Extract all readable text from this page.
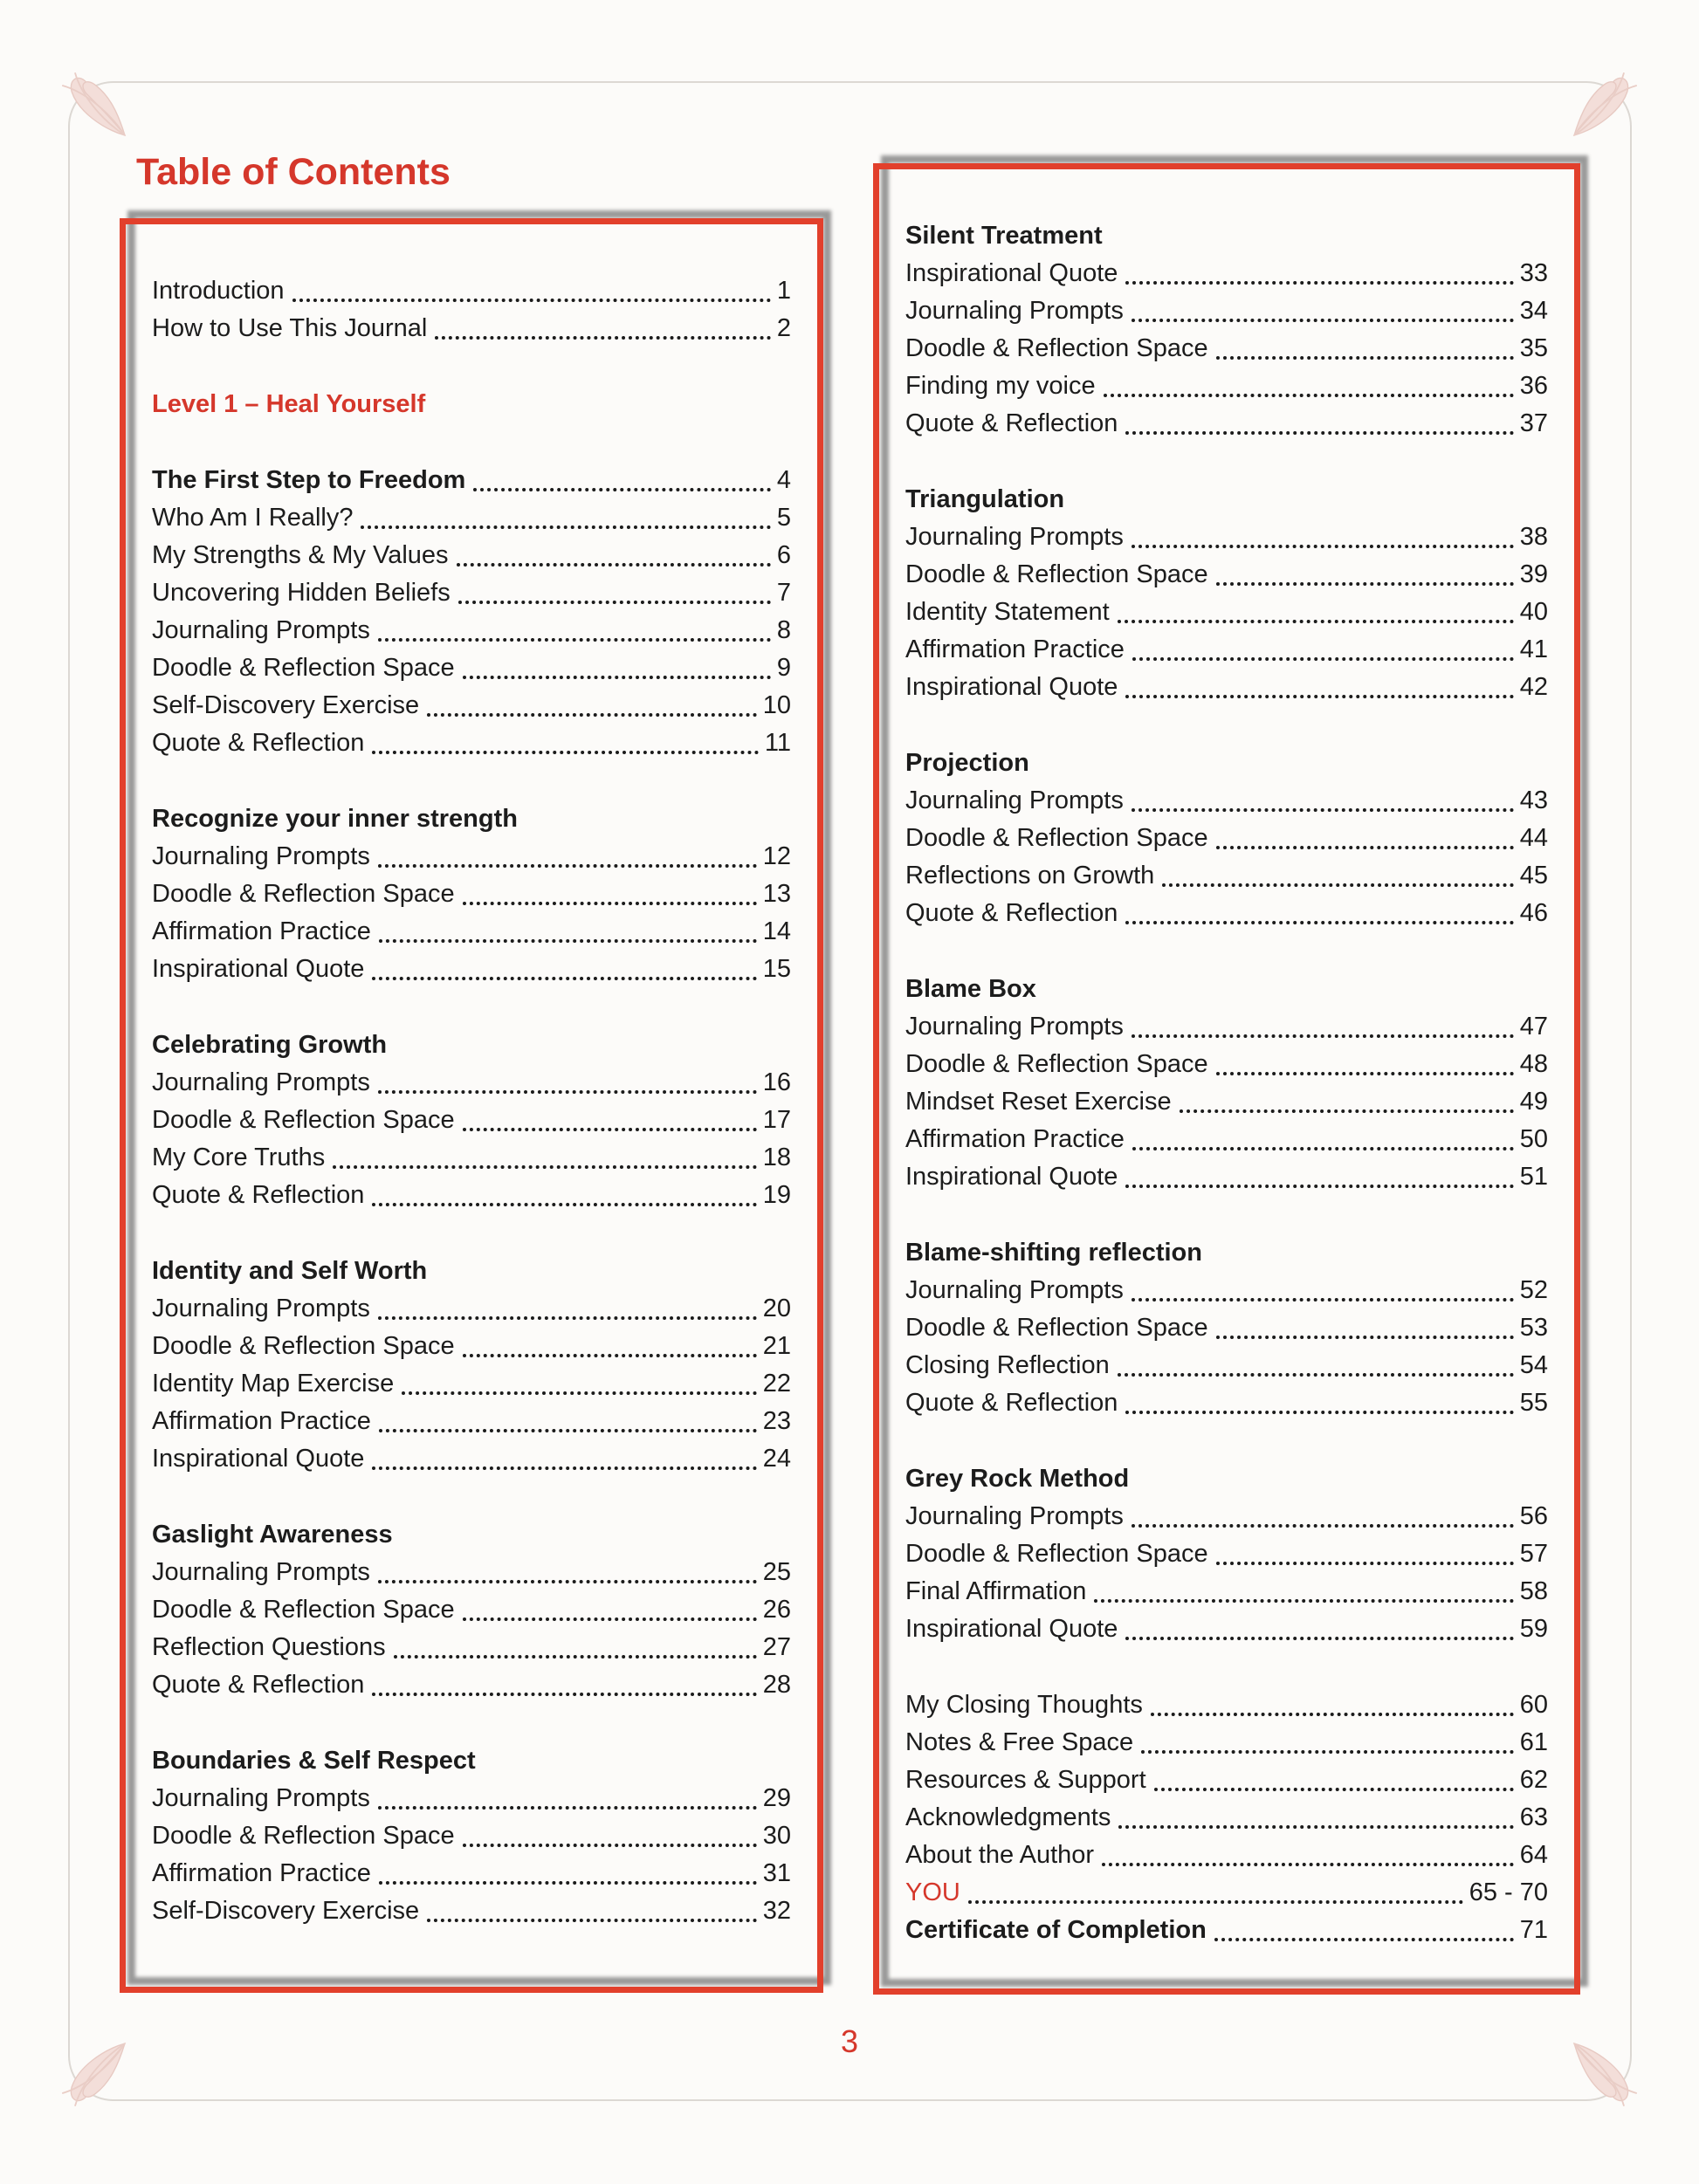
Table of Contents
Introduction	1
How to Use This Journal	2
Level 1 – Heal Yourself
The First Step to Freedom	4
Who Am I Really?	5
My Strengths & My Values	6
Uncovering Hidden Beliefs	7
Journaling Prompts	8
Doodle & Reflection Space	9
Self-Discovery Exercise	10
Quote & Reflection	11
Recognize your inner strength
Journaling Prompts	12
Doodle & Reflection Space	13
Affirmation Practice	14
Inspirational Quote	15
Celebrating Growth
Journaling Prompts	16
Doodle & Reflection Space	17
My Core Truths	18
Quote & Reflection	19
Identity and Self Worth
Journaling Prompts	20
Doodle & Reflection Space	21
Identity Map Exercise	22
Affirmation Practice	23
Inspirational Quote	24
Gaslight Awareness
Journaling Prompts	25
Doodle & Reflection Space	26
Reflection Questions	27
Quote & Reflection	28
Boundaries & Self Respect
Journaling Prompts	29
Doodle & Reflection Space	30
Affirmation Practice	31
Self-Discovery Exercise	32
Silent Treatment
Inspirational Quote	33
Journaling Prompts	34
Doodle & Reflection Space	35
Finding my voice	36
Quote & Reflection	37
Triangulation
Journaling Prompts	38
Doodle & Reflection Space	39
Identity Statement	40
Affirmation Practice	41
Inspirational Quote	42
Projection
Journaling Prompts	43
Doodle & Reflection Space	44
Reflections on Growth	45
Quote & Reflection	46
Blame Box
Journaling Prompts	47
Doodle & Reflection Space	48
Mindset Reset Exercise	49
Affirmation Practice	50
Inspirational Quote	51
Blame-shifting reflection
Journaling Prompts	52
Doodle & Reflection Space	53
Closing Reflection	54
Quote & Reflection	55
Grey Rock Method
Journaling Prompts	56
Doodle & Reflection Space	57
Final Affirmation	58
Inspirational Quote	59
My Closing Thoughts	60
Notes & Free Space	61
Resources & Support	62
Acknowledgments	63
About the Author	64
YOU	65 - 70
Certificate of Completion	71
3
